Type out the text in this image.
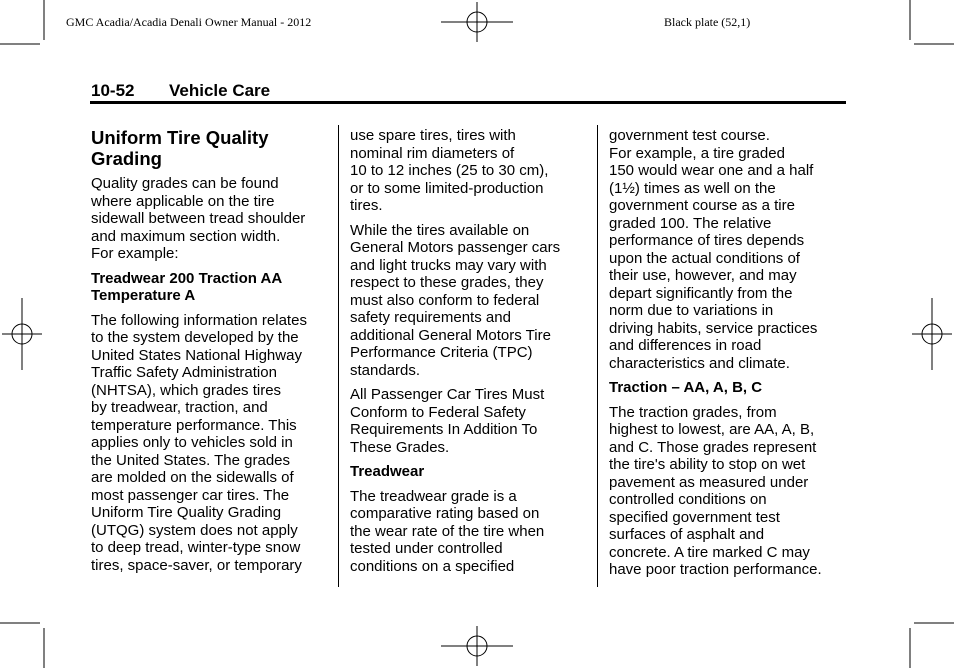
GMC Acadia/Acadia Denali Owner Manual - 2012	Black plate (52,1)
10-52 Vehicle Care
Uniform Tire Quality
Grading

Quality grades can be found
where applicable on the tire
sidewall between tread shoulder
and maximum section width.
For example:

Treadwear 200 Traction AA
Temperature A

The following information relates
to the system developed by the
United States National Highway
Traffic Safety Administration
(NHTSA), which grades tires
by treadwear, traction, and
temperature performance. This
applies only to vehicles sold in
the United States. The grades
are molded on the sidewalls of
most passenger car tires. The
Uniform Tire Quality Grading
(UTQG) system does not apply
to deep tread, winter-type snow
tires, space-saver, or temporary

use spare tires, tires with
nominal rim diameters of
10 to 12 inches (25 to 30 cm),
or to some limited-production
tires.

While the tires available on
General Motors passenger cars
and light trucks may vary with
respect to these grades, they
must also conform to federal
safety requirements and
additional General Motors Tire
Performance Criteria (TPC)
standards.

All Passenger Car Tires Must
Conform to Federal Safety
Requirements In Addition To
These Grades.

Treadwear

The treadwear grade is a
comparative rating based on
the wear rate of the tire when
tested under controlled
conditions on a specified

government test course.
For example, a tire graded
150 would wear one and a half
(1½) times as well on the
government course as a tire
graded 100. The relative
performance of tires depends
upon the actual conditions of
their use, however, and may
depart significantly from the
norm due to variations in
driving habits, service practices
and differences in road
characteristics and climate.

Traction – AA, A, B, C

The traction grades, from
highest to lowest, are AA, A, B,
and C. Those grades represent
the tire's ability to stop on wet
pavement as measured under
controlled conditions on
specified government test
surfaces of asphalt and
concrete. A tire marked C may
have poor traction performance.
